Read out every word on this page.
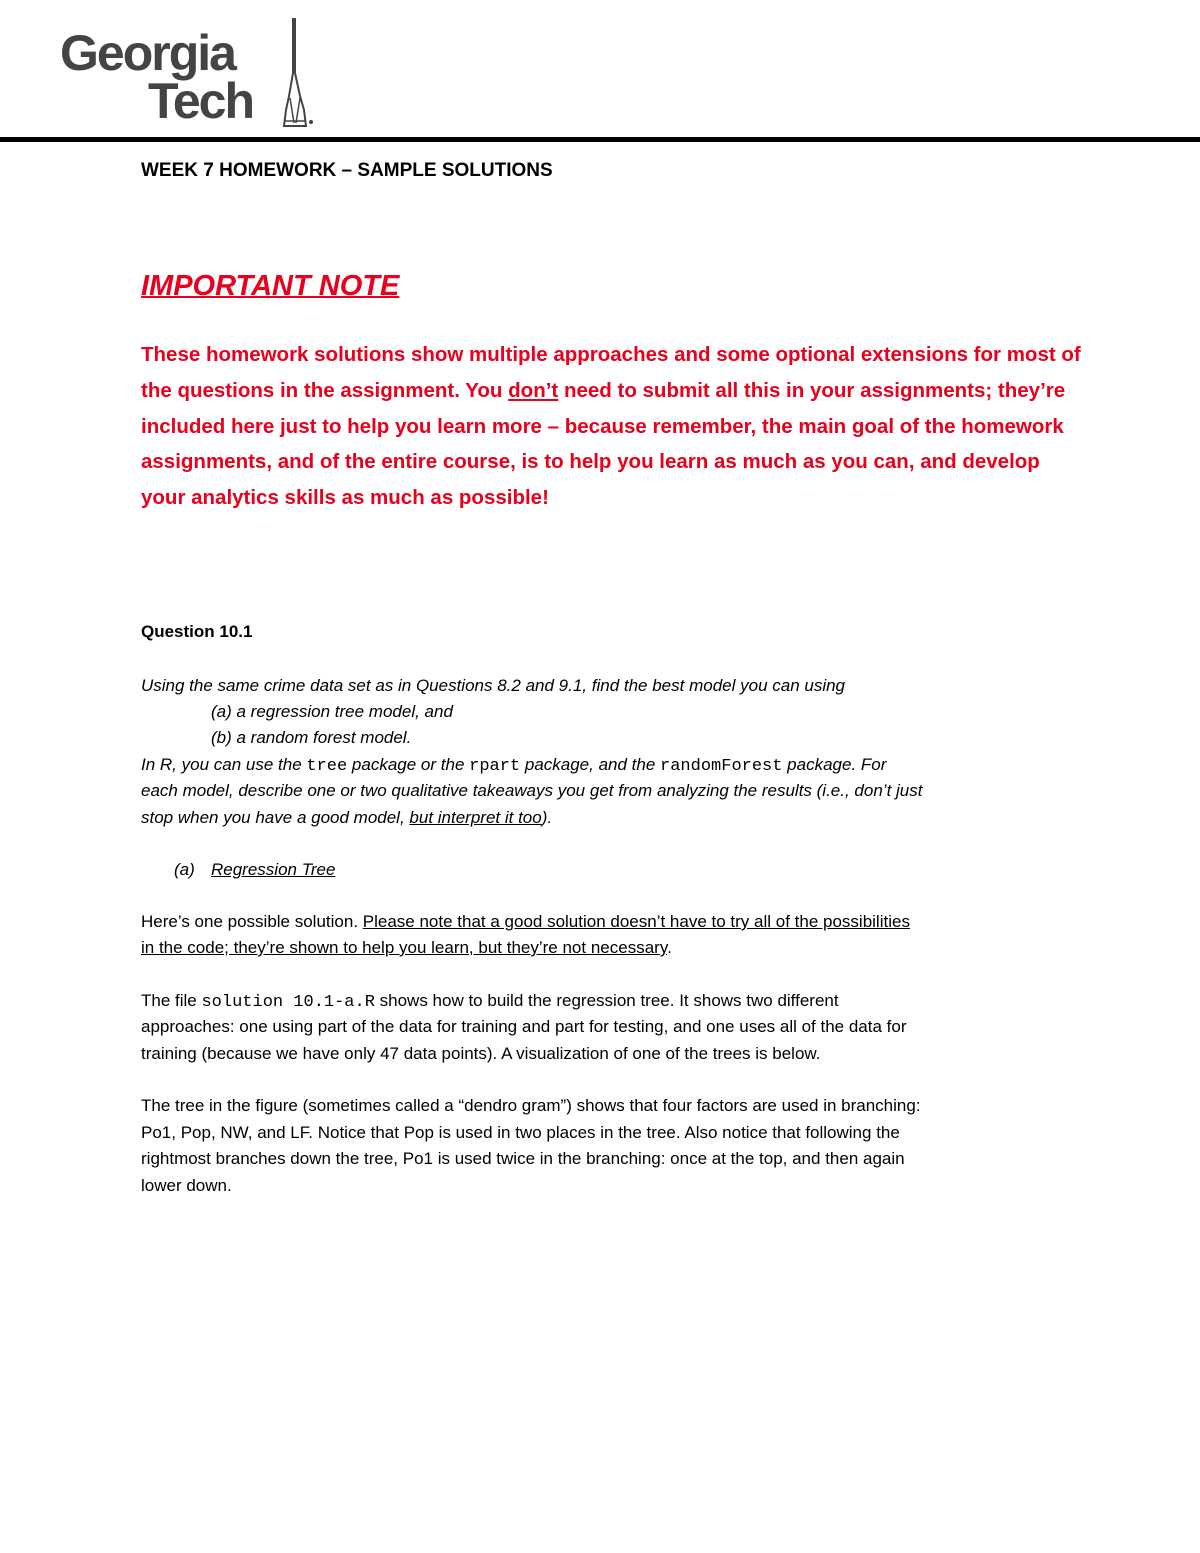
Georgia
Tech
WEEK 7 HOMEWORK – SAMPLE SOLUTIONS
IMPORTANT NOTE
These homework solutions show multiple approaches and some optional extensions for most of the questions in the assignment. You don’t need to submit all this in your assignments; they’re included here just to help you learn more – because remember, the main goal of the homework assignments, and of the entire course, is to help you learn as much as you can, and develop your analytics skills as much as possible!
Question 10.1
Using the same crime data set as in Questions 8.2 and 9.1, find the best model you can using
(a) a regression tree model, and
(b) a random forest model.
In R, you can use the tree package or the rpart package, and the randomForest package. For
each model, describe one or two qualitative takeaways you get from analyzing the results (i.e., don’t just
stop when you have a good model, but interpret it too).
(a) Regression Tree
Here’s one possible solution. Please note that a good solution doesn’t have to try all of the possibilities
in the code; they’re shown to help you learn, but they’re not necessary.
The file solution 10.1-a.R shows how to build the regression tree. It shows two different
approaches: one using part of the data for training and part for testing, and one uses all of the data for
training (because we have only 47 data points). A visualization of one of the trees is below.
The tree in the figure (sometimes called a “dendro gram”) shows that four factors are used in branching:
Po1, Pop, NW, and LF. Notice that Pop is used in two places in the tree. Also notice that following the
rightmost branches down the tree, Po1 is used twice in the branching: once at the top, and then again
lower down.
